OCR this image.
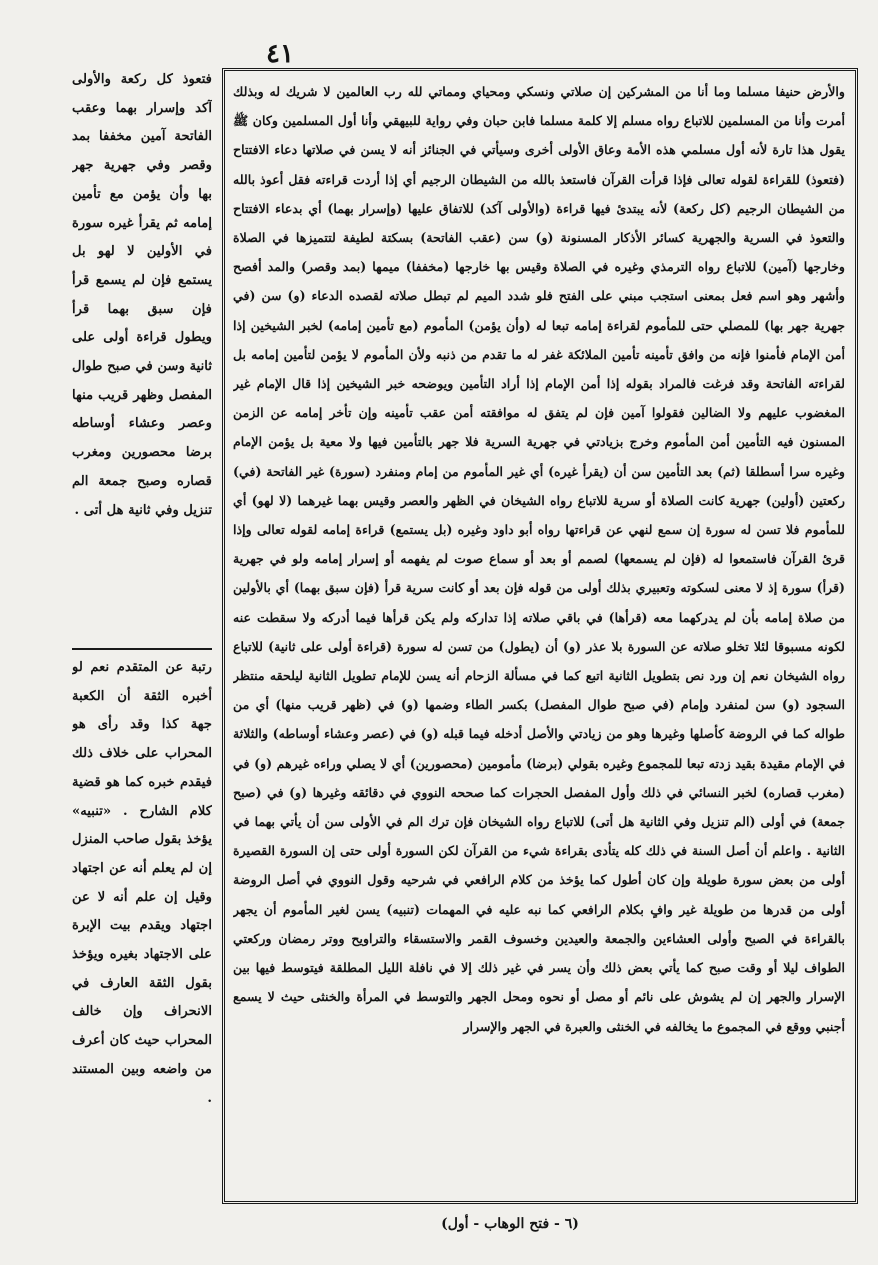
٤١
فتعوذ كل ركعة والأولى آكد وإسرار بهما وعقب الفاتحة آمين مخففا بمد وقصر وفي جهرية جهر بها وأن يؤمن مع تأمين إمامه ثم يقرأ غيره سورة في الأولين لا لهو بل يستمع فإن لم يسمع قرأ فإن سبق بهما قرأ ويطول قراءة أولى على ثانية وسن في صبح طوال المفصل وظهر قريب منها وعصر وعشاء أوساطه برضا محصورين ومغرب قصاره وصبح جمعة الم تنزيل وفي ثانية هل أتى .
رتبة عن المتقدم نعم لو أخبره الثقة أن الكعبة جهة كذا وقد رأى هو المحراب على خلاف ذلك فيقدم خبره كما هو قضية كلام الشارح . «تنبيه» يؤخذ بقول صاحب المنزل إن لم يعلم أنه عن اجتهاد وقيل إن علم أنه لا عن اجتهاد ويقدم بيت الإبرة على الاجتهاد بغيره ويؤخذ بقول الثقة العارف في الانحراف وإن خالف المحراب حيث كان أعرف من واضعه وبين المستند .
والأرض حنيفا مسلما وما أنا من المشركين إن صلاتي ونسكي ومحياي ومماتي لله رب العالمين لا شريك له وبذلك أمرت وأنا من المسلمين للاتباع رواه مسلم إلا كلمة مسلما فابن حبان وفي رواية للبيهقي وأنا أول المسلمين وكان ﷺ يقول هذا تارة لأنه أول مسلمي هذه الأمة وعاق الأولى أخرى وسيأتي في الجنائز أنه لا يسن في صلاتها دعاء الافتتاح (فتعوذ) للقراءة لقوله تعالى فإذا قرأت القرآن فاستعذ بالله من الشيطان الرجيم أي إذا أردت قراءته فقل أعوذ بالله من الشيطان الرجيم (كل ركعة) لأنه يبتدئ فيها قراءة (والأولى آكد) للاتفاق عليها (وإسرار بهما) أي بدعاء الافتتاح والتعوذ في السرية والجهرية كسائر الأذكار المسنونة (و) سن (عقب الفاتحة) بسكتة لطيفة لتتميزها في الصلاة وخارجها (آمين) للاتباع رواه الترمذي وغيره في الصلاة وقيس بها خارجها (مخففا) ميمها (بمد وقصر) والمد أفصح وأشهر وهو اسم فعل بمعنى استجب مبني على الفتح فلو شدد الميم لم تبطل صلاته لقصده الدعاء (و) سن (في جهرية جهر بها) للمصلي حتى للمأموم لقراءة إمامه تبعا له (وأن يؤمن) المأموم (مع تأمين إمامه) لخبر الشيخين إذا أمن الإمام فأمنوا فإنه من وافق تأمينه تأمين الملائكة غفر له ما تقدم من ذنبه ولأن المأموم لا يؤمن لتأمين إمامه بل لقراءته الفاتحة وقد فرغت فالمراد بقوله إذا أمن الإمام إذا أراد التأمين ويوضحه خبر الشيخين إذا قال الإمام غير المغضوب عليهم ولا الضالين فقولوا آمين فإن لم يتفق له موافقته أمن عقب تأمينه وإن تأخر إمامه عن الزمن المسنون فيه التأمين أمن المأموم وخرج بزيادتي في جهرية السرية فلا جهر بالتأمين فيها ولا معية بل يؤمن الإمام وغيره سرا أسطلقا (ثم) بعد التأمين سن أن (يقرأ غيره) أي غير المأموم من إمام ومنفرد (سورة) غير الفاتحة (في) ركعتين (أولين) جهرية كانت الصلاة أو سرية للاتباع رواه الشيخان في الظهر والعصر وقيس بهما غيرهما (لا لهو) أي للمأموم فلا تسن له سورة إن سمع لنهي عن قراءتها رواه أبو داود وغيره (بل يستمع) قراءة إمامه لقوله تعالى وإذا قرئ القرآن فاستمعوا له (فإن لم يسمعها) لصمم أو بعد أو سماع صوت لم يفهمه أو إسرار إمامه ولو في جهرية (قرأ) سورة إذ لا معنى لسكوته وتعبيري بذلك أولى من قوله فإن بعد أو كانت سرية قرأ (فإن سبق بهما) أي بالأولين من صلاة إمامه بأن لم يدركهما معه (قرأها) في باقي صلاته إذا تداركه ولم يكن قرأها فيما أدركه ولا سقطت عنه لكونه مسبوقا لئلا تخلو صلاته عن السورة بلا عذر (و) أن (يطول) من تسن له سورة (قراءة أولى على ثانية) للاتباع رواه الشيخان نعم إن ورد نص بتطويل الثانية اتبع كما في مسألة الزحام أنه يسن للإمام تطويل الثانية ليلحقه منتظر السجود (و) سن لمنفرد وإمام (في صبح طوال المفصل) بكسر الطاء وضمها (و) في (ظهر قريب منها) أي من طواله كما في الروضة كأصلها وغيرها وهو من زيادتي والأصل أدخله فيما قبله (و) في (عصر وعشاء أوساطه) والثلاثة في الإمام مقيدة بقيد زدته تبعا للمجموع وغيره بقولي (برضا) مأمومين (محصورين) أي لا يصلي وراءه غيرهم (و) في (مغرب قصاره) لخبر النسائي في ذلك وأول المفصل الحجرات كما صححه النووي في دقائقه وغيرها (و) في (صبح جمعة) في أولى (الم تنزيل وفي الثانية هل أتى) للاتباع رواه الشيخان فإن ترك الم في الأولى سن أن يأتي بهما في الثانية . واعلم أن أصل السنة في ذلك كله يتأدى بقراءة شيء من القرآن لكن السورة أولى حتى إن السورة القصيرة أولى من بعض سورة طويلة وإن كان أطول كما يؤخذ من كلام الرافعي في شرحيه وقول النووي في أصل الروضة أولى من قدرها من طويلة غير وافٍ بكلام الرافعي كما نبه عليه في المهمات (تنبيه) يسن لغير المأموم أن يجهر بالقراءة في الصبح وأولى العشاءين والجمعة والعيدين وخسوف القمر والاستسقاء والتراويح ووتر رمضان وركعتي الطواف ليلا أو وقت صبح كما يأتي بعض ذلك وأن يسر في غير ذلك إلا في نافلة الليل المطلقة فيتوسط فيها بين الإسرار والجهر إن لم يشوش على نائم أو مصل أو نحوه ومحل الجهر والتوسط في المرأة والخنثى حيث لا يسمع أجنبي ووقع في المجموع ما يخالفه في الخنثى والعبرة في الجهر والإسرار
(٦ - فتح الوهاب - أول)
